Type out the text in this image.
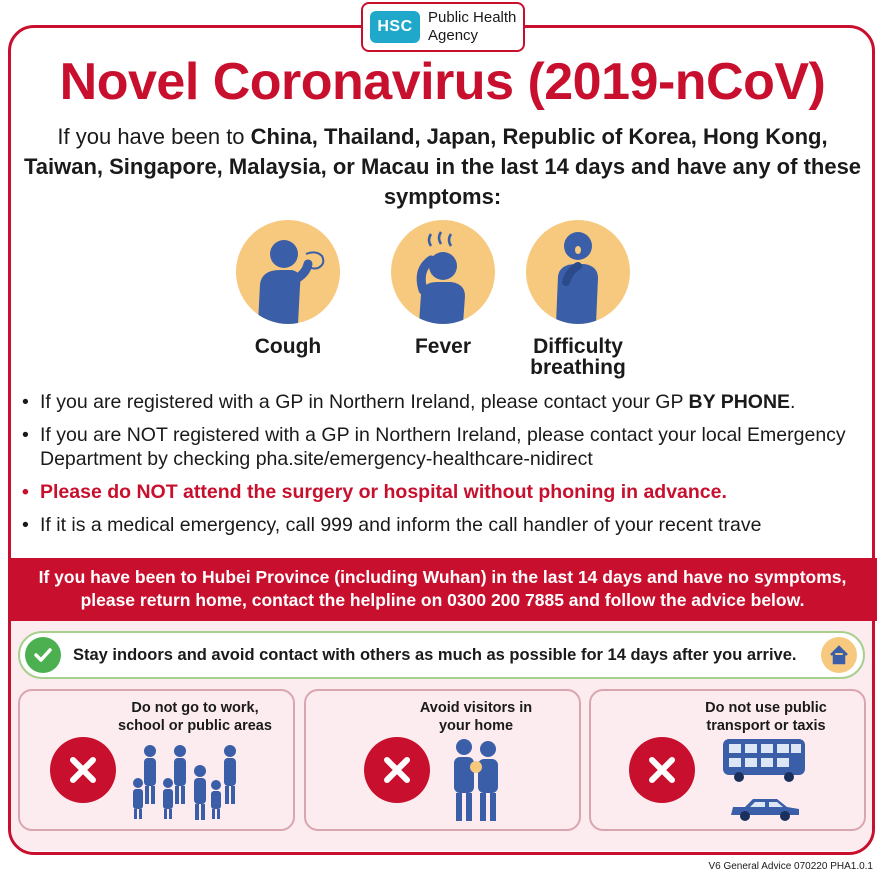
HSC
Public Health
Agency
Novel Coronavirus (2019-nCoV)
If you have been to China, Thailand, Japan, Republic of Korea, Hong Kong, Taiwan, Singapore, Malaysia, or Macau in the last 14 days and have any of these symptoms:
Cough	Fever	Difficulty breathing
• If you are registered with a GP in Northern Ireland, please contact your GP BY PHONE.
• If you are NOT registered with a GP in Northern Ireland, please contact your local Emergency Department by checking pha.site/emergency-healthcare-nidirect
• Please do NOT attend the surgery or hospital without phoning in advance.
• If it is a medical emergency, call 999 and inform the call handler of your recent trave
If you have been to Hubei Province (including Wuhan) in the last 14 days and have no symptoms,
please return home, contact the helpline on 0300 200 7885 and follow the advice below.
Stay indoors and avoid contact with others as much as possible for 14 days after you arrive.
Do not go to work,
school or public areas
Avoid visitors in
your home
Do not use public
transport or taxis
V6 General Advice 070220 PHA1.0.1
